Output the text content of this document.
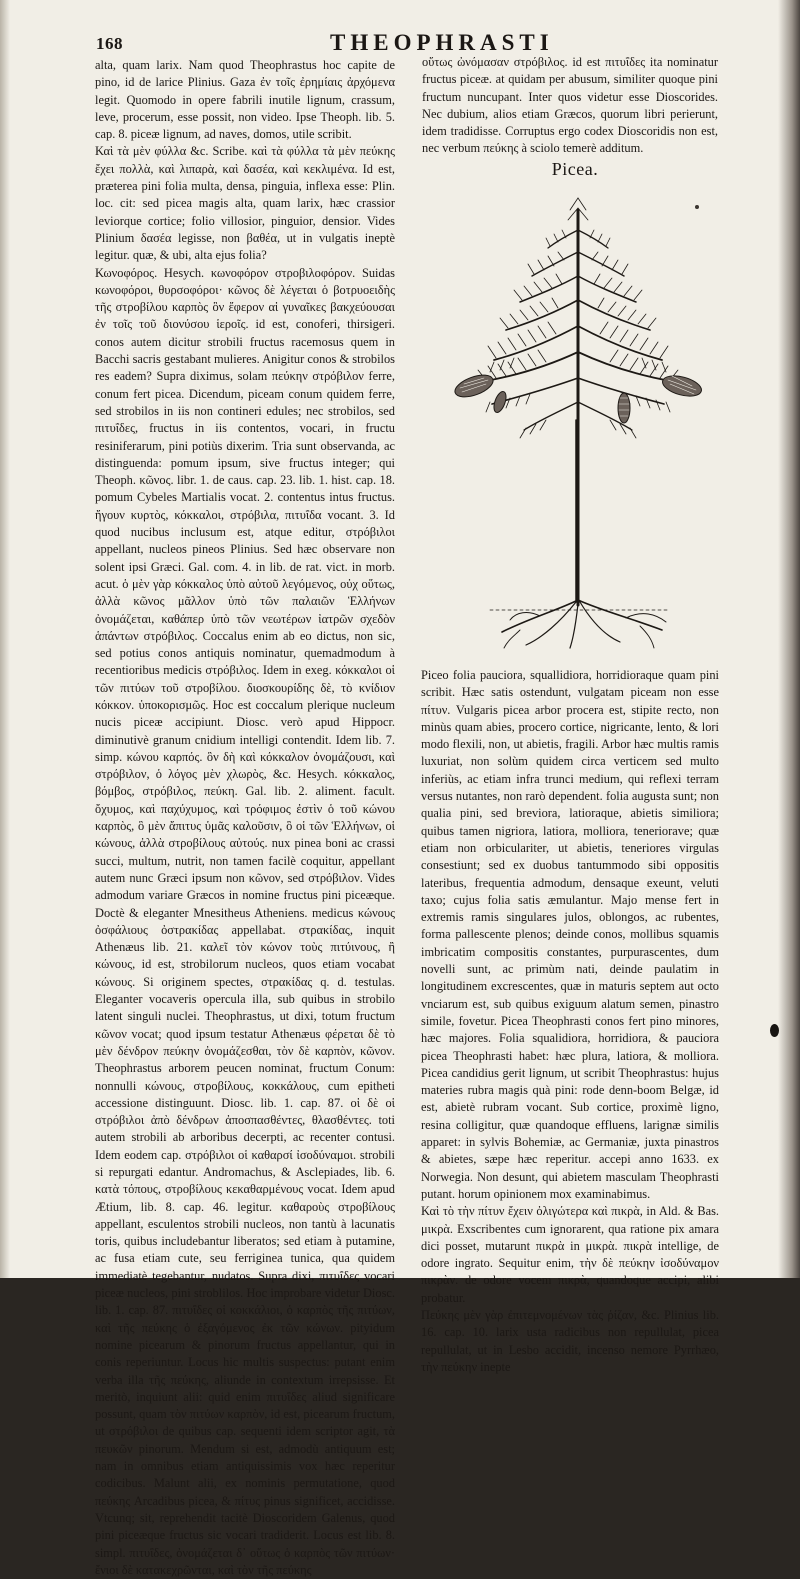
168	THEOPHRASTI

alta, quam larix. Nam quod Theophrastus hoc capite de pino, id de larice Plinius. Gaza ἐν τοῖς ἐρημίαις ἀρχόμενα legit. Quomodo in opere fabrili inutile lignum, crassum, leve, procerum, esse possit, non video. Ipse Theoph. lib. 5. cap. 8. piceæ lignum, ad naves, domos, utile scribit.

Καὶ τὰ μὲν φύλλα &c. Scribe. καὶ τὰ φύλλα τὰ μὲν πεύκης ἔχει πολλὰ, καὶ λιπαρὰ, καὶ δασέα, καὶ κεκλιμένα. Id est, præterea pini folia multa, densa, pinguia, inflexa esse: Plin. loc. cit: sed picea magis alta, quam larix, hæc crassior leviorque cortice; folio villosior, pinguior, densior. Vides Plinium δασέα legisse, non βαθέα, ut in vulgatis ineptè legitur. quæ, & ubi, alta ejus folia?

Κωνοφόρος. Hesych. κωνοφόρον στροβιλοφόρον. Suidas κωνοφόροι, θυρσοφόροι· κῶνος δὲ λέγεται ὁ βοτρυοειδὴς τῆς στροβίλου καρπὸς ὃν ἔφερον αἱ γυναῖκες βακχεύουσαι ἐν τοῖς τοῦ διονύσου ἱεροῖς. id est, conoferi, thirsigeri. conos autem dicitur strobili fructus racemosus quem in Bacchi sacris gestabant mulieres. Anigitur conos & strobilos res eadem? Supra diximus, solam πεύκην στρόβιλον ferre, conum fert picea. Dicendum, piceam conum quidem ferre, sed strobilos in iis non contineri edules; nec strobilos, sed πιτυΐδες, fructus in iis contentos, vocari, in fructu resiniferarum, pini potiùs dixerim. Tria sunt observanda, ac distinguenda: pomum ipsum, sive fructus integer; qui Theoph. κῶνος. libr. 1. de caus. cap. 23. lib. 1. hist. cap. 18. pomum Cybeles Martialis vocat. 2. contentus intus fructus. ἤγουν κυρτὸς, κόκκαλοι, στρόβιλα, πιτυΐδα vocant. 3. Id quod nucibus inclusum est, atque editur, στρόβιλοι appellant, nucleos pineos Plinius. Sed hæc observare non solent ipsi Græci. Gal. com. 4. in lib. de rat. vict. in morb. acut. ὁ μὲν γὰρ κόκκαλος ὑπὸ αὐτοῦ λεγόμενος, οὐχ οὕτως, ἀλλὰ κῶνος μᾶλλον ὑπὸ τῶν παλαιῶν Ἑλλήνων ὀνομάζεται, καθάπερ ὑπὸ τῶν νεωτέρων ἰατρῶν σχεδὸν ἁπάντων στρόβιλος. Coccalus enim ab eo dictus, non sic, sed potius conos antiquis nominatur, quemadmodum à recentioribus medicis στρόβιλος. Idem in exeg. κόκκαλοι οἱ τῶν πιτύων τοῦ στροβίλου. διοσκουρίδης δὲ, τὸ κνίδιον κόκκον. ὑποκορισμῶς. Hoc est coccalum plerique nucleum nucis piceæ accipiunt. Diosc. verò apud Hippocr. diminutivè granum cnidium intelligi contendit. Idem lib. 7. simp. κώνου καρπός. ὃν δὴ καὶ κόκκαλον ὀνομάζουσι, καὶ στρόβιλον, ὁ λόγος μὲν χλωρὸς, &c. Hesych. κόκκαλος, βόμβος, στρόβιλος, πεύκη. Gal. lib. 2. aliment. facult. ὄχυμος, καὶ παχύχυμος, καὶ τρόφιμος ἐστὶν ὁ τοῦ κώνου καρπὸς, ὃ μὲν ἄπιτυς ὑμᾶς καλοῦσιν, ὃ οἱ τῶν Ἑλλήνων, οἱ κώνους, ἀλλὰ στροβίλους αὐτούς. nux pinea boni ac crassi succi, multum, nutrit, non tamen facilè coquitur, appellant autem nunc Græci ipsum non κῶνον, sed στρόβιλον. Vides admodum variare Græcos in nomine fructus pini piceæque. Doctè & eleganter Mnesitheus Atheniens. medicus κώνους ὀσφάλιους ὀστρακίδας appellabat. στρακίδας, inquit Athenæus lib. 21. καλεῖ τὸν κώνον τοὺς πιτύινους, ἢ κώνους, id est, strobilorum nucleos, quos etiam vocabat κώνους. Si originem spectes, στρακίδας q. d. testulas. Eleganter vocaveris opercula illa, sub quibus in strobilo latent singuli nuclei. Theophrastus, ut dixi, totum fructum κῶνον vocat; quod ipsum testatur Athenæus φέρεται δὲ τὸ μὲν δένδρον πεύκην ὀνομάζεσθαι, τὸν δὲ καρπὸν, κῶνον. Theophrastus arborem peucen nominat, fructum Conum: nonnulli κώνους, στροβίλους, κοκκάλους, cum epitheti accessione distinguunt. Diosc. lib. 1. cap. 87. οἱ δὲ οἱ στρόβιλοι ἀπὸ δένδρων ἀποσπασθέντες, θλασθέντες. toti autem strobili ab arboribus decerpti, ac recenter contusi. Idem eodem cap. στρόβιλοι οἱ καθαρσί ἰσοδύναμοι. strobili si repurgati edantur. Andromachus, & Asclepiades, lib. 6. κατὰ τόπους, στροβίλους κεκαθαρμένους vocat. Idem apud Ætium, lib. 8. cap. 46. legitur. καθαροὺς στροβίλους appellant, esculentos strobili nucleos, non tantù à lacunatis toris, quibus includebantur liberatos; sed etiam à putamine, ac fusa etiam cute, seu ferriginea tunica, qua quidem immediatè tegebantur, nudatos. Supra dixi, πιτυΐδες vocari piceæ nucleos, pini stroblilos. Hoc improbare videtur Diosc. lib. 1. cap. 87. πιτυΐδες οἱ κοκκάλιοι, ὁ καρπὸς τῆς πιτύων, καὶ τῆς πεύκης ὁ ἐξαγόμενος ἐκ τῶν κώνων. pityidum nomine picearum & pinorum fructus appellantur, qui in conis reperiuntur. Locus hic multis suspectus: putant enim verba illa τῆς πεύκης, aliunde in contextum irrepsisse. Et meritò, inquiunt alii: quid enim πιτυΐδες aliud significare possunt, quam τὸν πιτύων καρπὸν, id est, picearum fructum, ut στρόβιλοι de quibus cap. sequenti idem scriptor agit, τὰ πευκῶν pinorum. Mendum si est, admodù antiquum est; nam in omnibus etiam antiquissimis vox hæc reperitur codicibus. Malunt alii, ex nominis permutatione, quod πεύκης Arcadibus picea, & πίτυς pinus significet, accidisse. Vtcunq; sit, reprehendit tacitè Dioscoridem Galenus, quod pini piceæque fructus sic vocari tradiderit. Locus est lib. 8. simpl. πιτυΐδες, ὀνομάζεται δ᾽ οὕτως ὁ καρπὸς τῶν πιτύων· ἔνιοι δὲ κατακεχρῶνται, καὶ τὸν τῆς πεύκης

οὕτως ὠνόμασαν στρόβιλος. id est πιτυΐδες ita nominatur fructus piceæ. at quidam per abusum, similiter quoque pini fructum nuncupant. Inter quos videtur esse Dioscorides. Nec dubium, alios etiam Græcos, quorum libri perierunt, idem tradidisse. Corruptus ergo codex Dioscoridis non est, nec verbum πεύκης à sciolo temerè additum.

Picea.

Piceo folia pauciora, squallidiora, horridioraque quam pini scribit. Hæc satis ostendunt, vulgatam piceam non esse πίτυν. Vulgaris picea arbor procera est, stipite recto, non minùs quam abies, procero cortice, nigricante, lento, & lori modo flexili, non, ut abietis, fragili. Arbor hæc multis ramis luxuriat, non solùm quidem circa verticem sed multo inferiùs, ac etiam infra trunci medium, qui reflexi terram versus nutantes, non rarò dependent. folia augusta sunt; non qualia pini, sed breviora, latioraque, abietis similiora; quibus tamen nigriora, latiora, molliora, teneriorave; quæ etiam non orbiculariter, ut abietis, teneriores virgulas consestiunt; sed ex duobus tantummodo sibi oppositis lateribus, frequentia admodum, densaque exeunt, veluti taxo; cujus folia satis æmulantur. Majo mense fert in extremis ramis singulares julos, oblongos, ac rubentes, forma pallescente plenos; deinde conos, mollibus squamis imbricatim compositis constantes, purpurascentes, dum novelli sunt, ac primùm nati, deinde paulatim in longitudinem excrescentes, quæ in maturis septem aut octo vnciarum est, sub quibus exiguum alatum semen, pinastro simile, fovetur. Picea Theophrasti conos fert pino minores, hæc majores. Folia squalidiora, horridiora, & pauciora picea Theophrasti habet: hæc plura, latiora, & molliora. Picea candidius gerit lignum, ut scribit Theophrastus: hujus materies rubra magis quà pini: rode denn-boom Belgæ, id est, abietè rubram vocant. Sub cortice, proximè ligno, resina colligitur, quæ quandoque effluens, larignæ similis apparet: in sylvis Bohemiæ, ac Germaniæ, juxta pinastros & abietes, sæpe hæc reperitur. accepi anno 1633. ex Norwegia. Non desunt, qui abietem masculam Theophrasti putant. horum opinionem mox examinabimus.

Καὶ τὸ τὴν πίτυν ἔχειν ὀλιγώτερα καὶ πικρὰ, in Ald. & Bas. μικρὰ. Exscribentes cum ignorarent, qua ratione pix amara dici posset, mutarunt πικρὰ in μικρὰ. πικρὰ intellige, de odore ingrato. Sequitur enim, τὴν δὲ πεύκην ἰσοδύναμον πικρὰν. de odore vocem πικρὰ, quandoque accipi, alibi probatur.

Πεύκης μὲν γὰρ ἐπιτεμνομένων τὰς ῥίζαν, &c. Plinius lib. 16. cap. 10. larix usta radicibus non repullulat, picea repullulat, ut in Lesbo accidit, incenso nemore Pyrrhæo, τὴν πεύκην inepte
